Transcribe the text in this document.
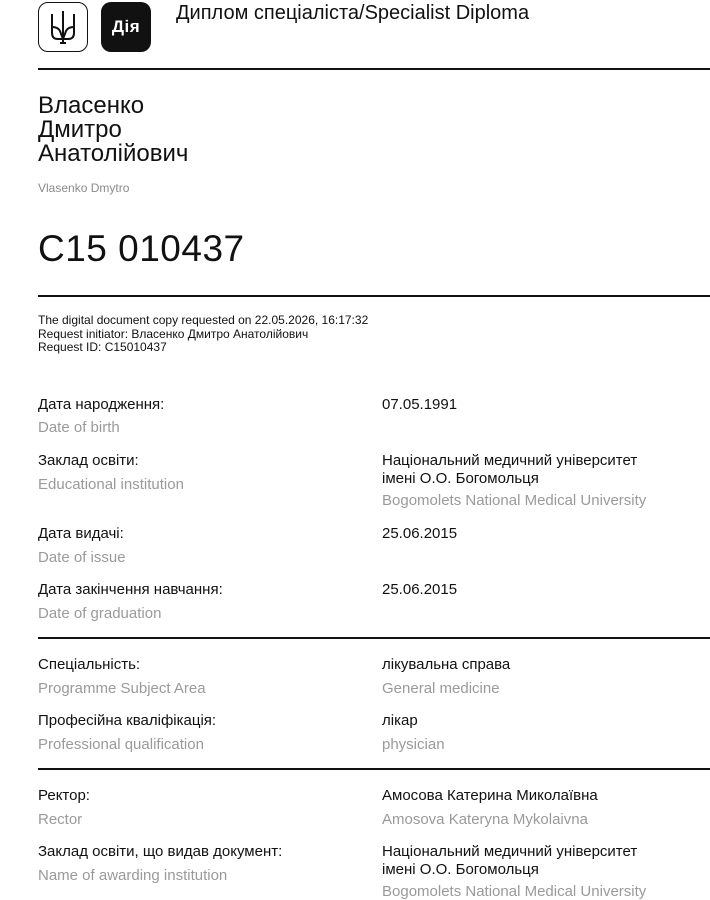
Дія
Диплом спеціаліста/Specialist Diploma
Власенко
Дмитро
Анатолійович
Vlasenko Dmytro
C15 010437
The digital document copy requested on 22.05.2026, 16:17:32
Request initiator: Власенко Дмитро Анатолійович
Request ID: C15010437
Дата народження:
Date of birth
07.05.1991
Заклад освіти:
Educational institution
Національний медичний університет
імені О.О. Богомольця
Bogomolets National Medical University
Дата видачі:
Date of issue
25.06.2015
Дата закінчення навчання:
Date of graduation
25.06.2015
Спеціальність:
Programme Subject Area
лікувальна справа
General medicine
Професійна кваліфікація:
Professional qualification
лікар
physician
Ректор:
Rector
Амосова Катерина Миколаївна
Amosova Kateryna Mykolaivna
Заклад освіти, що видав документ:
Name of awarding institution
Національний медичний університет
імені О.О. Богомольця
Bogomolets National Medical University
